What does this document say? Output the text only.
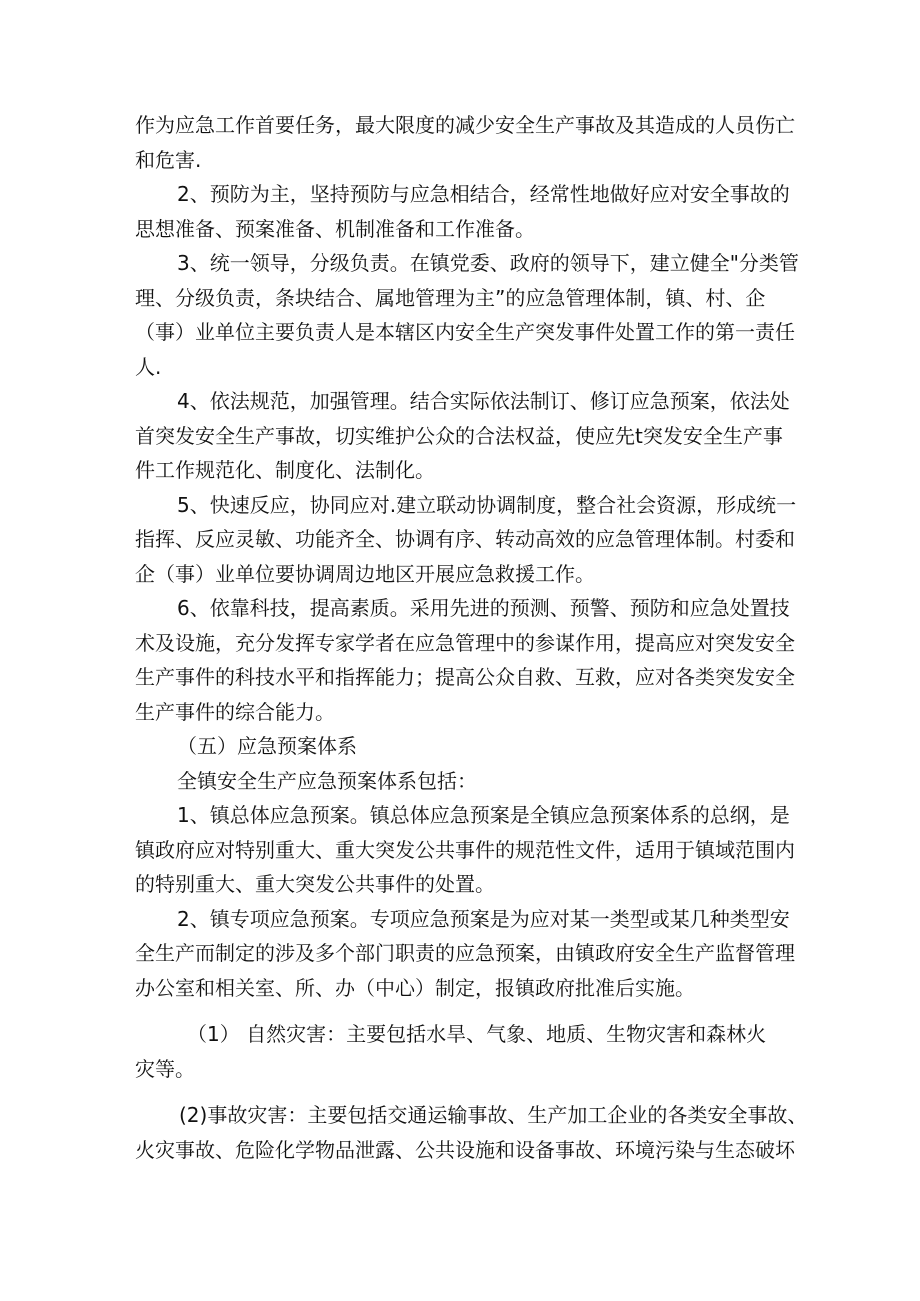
作为应急工作首要任务，最大限度的减少安全生产事故及其造成的人员伤亡
和危害.
2、预防为主，坚持预防与应急相结合，经常性地做好应对安全事故的
思想准备、预案准备、机制准备和工作准备。
3、统一领导，分级负责。在镇党委、政府的领导下，建立健全"分类管
理、分级负责，条块结合、属地管理为主”的应急管理体制，镇、村、企
（事）业单位主要负责人是本辖区内安全生产突发事件处置工作的第一责任
人.
4、依法规范，加强管理。结合实际依法制订、修订应急预案，依法处
首突发安全生产事故，切实维护公众的合法权益，使应先t突发安全生产事
件工作规范化、制度化、法制化。
5、快速反应，协同应对.建立联动协调制度，整合社会资源，形成统一
指挥、反应灵敏、功能齐全、协调有序、转动高效的应急管理体制。村委和
企（事）业单位要协调周边地区开展应急救援工作。
6、依靠科技，提高素质。采用先进的预测、预警、预防和应急处置技
术及设施，充分发挥专家学者在应急管理中的参谋作用，提高应对突发安全
生产事件的科技水平和指挥能力；提高公众自救、互救，应对各类突发安全
生产事件的综合能力。
（五）应急预案体系
全镇安全生产应急预案体系包括：
1、镇总体应急预案。镇总体应急预案是全镇应急预案体系的总纲，是
镇政府应对特别重大、重大突发公共事件的规范性文件，适用于镇域范围内
的特别重大、重大突发公共事件的处置。
2、镇专项应急预案。专项应急预案是为应对某一类型或某几种类型安
全生产而制定的涉及多个部门职责的应急预案，由镇政府安全生产监督管理
办公室和相关室、所、办（中心）制定，报镇政府批准后实施。
（1） 自然灾害：主要包括水旱、气象、地质、生物灾害和森林火
灾等。
(2)事故灾害：主要包括交通运输事故、生产加工企业的各类安全事故、
火灾事故、危险化学物品泄露、公共设施和设备事故、环境污染与生态破坏
